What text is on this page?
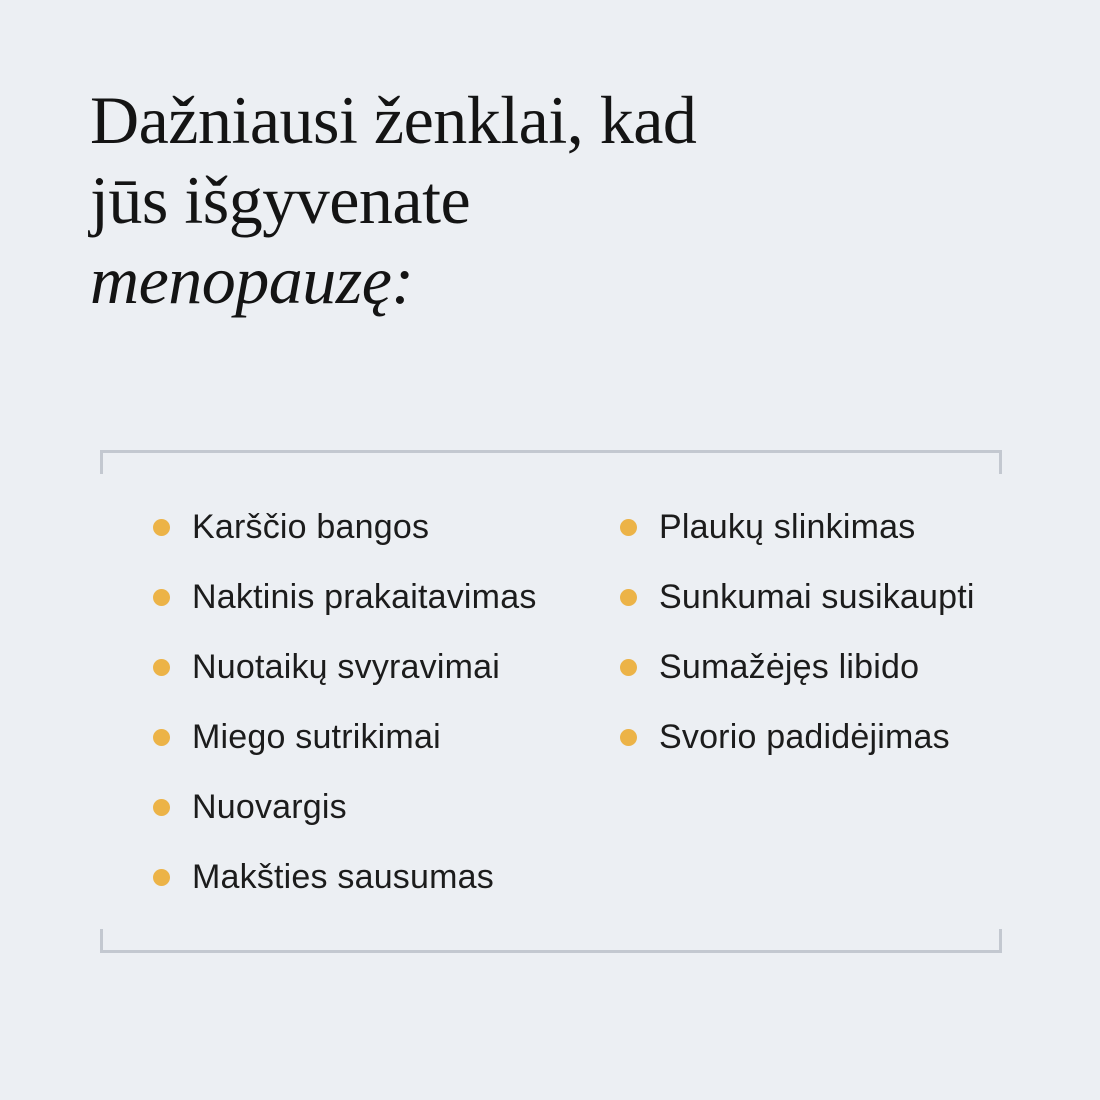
Dažniausi ženklai, kad
jūs išgyvenate
menopauzę:
Karščio bangos
Naktinis prakaitavimas
Nuotaikų svyravimai
Miego sutrikimai
Nuovargis
Makšties sausumas
Plaukų slinkimas
Sunkumai susikaupti
Sumažėjęs libido
Svorio padidėjimas
